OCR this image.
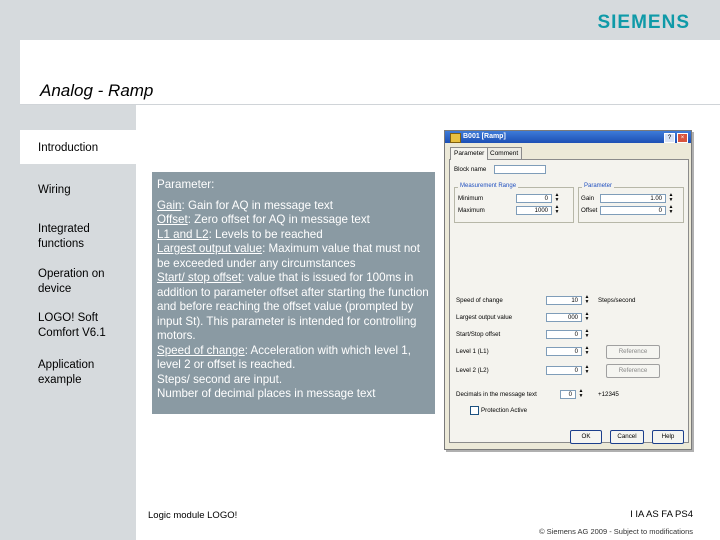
SIEMENS
Analog - Ramp
Introduction
Wiring
Integrated functions
Operation on device
LOGO! Soft Comfort V6.1
Application example

Parameter:

Gain: Gain for AQ in message text

Offset: Zero offset for AQ in message text

L1 and L2: Levels to be reached

Largest output value: Maximum value that must not be exceeded under any circumstances

Start/ stop offset: value that is issued for 100ms in addition to parameter offset after starting the function and before reaching the offset value (prompted by input St). This parameter is intended for controlling motors.

Speed of change: Acceleration with which level 1, level 2 or offset is reached.

Steps/ second are input.

Number of decimal places in message text

B001 [Ramp]	?	×
Parameter Comment
Block name
Measurement Range
Minimum	0
▲
▼
Maximum	1000
▲
▼
Parameter
Gain	1.00
▲
▼
Offset	0
▲
▼
Speed of change	10
▲
▼ Steps/second
Largest output value	000
▲
▼
Start/Stop offset	0
▲
▼
Level 1 (L1)	0
▲
▼	Reference
Level 2 (L2)	0
▲
▼	Reference
Decimals in the message text	0
▲
▼ +12345
Protection Active
OK	Cancel	Help
Logic module LOGO!	I IA AS FA PS4
© Siemens AG 2009 - Subject to modifications
